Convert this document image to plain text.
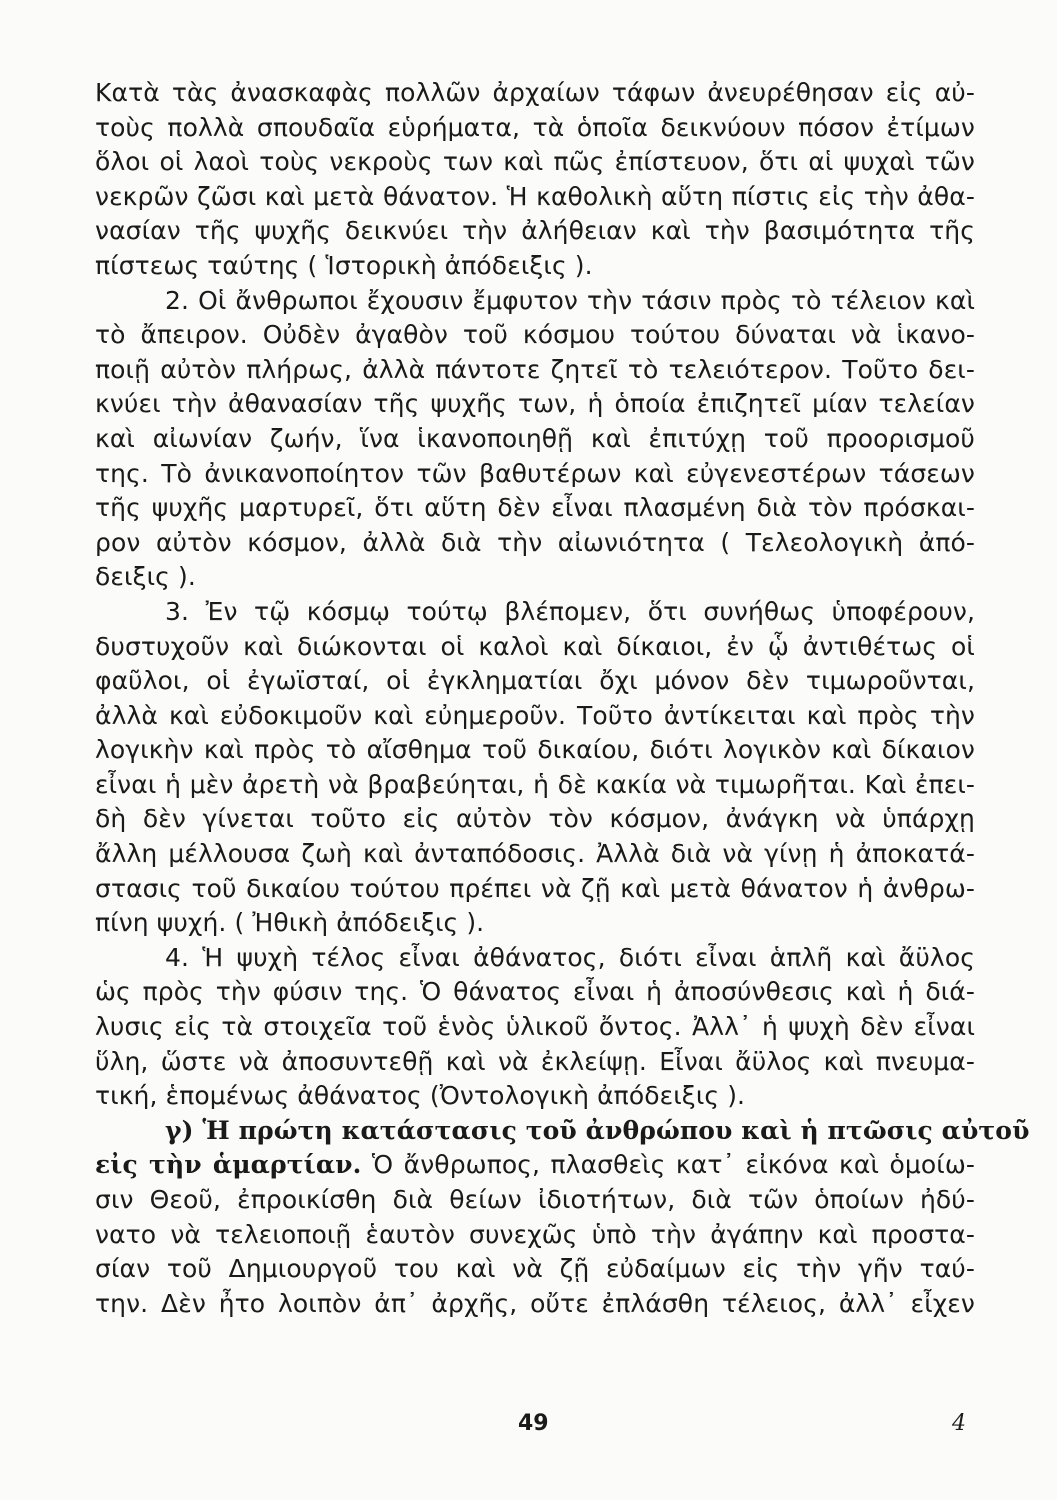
Κατὰ τὰς ἀνασκαφὰς πολλῶν ἀρχαίων τάφων ἀνευρέθησαν εἰς αὐ-
τοὺς πολλὰ σπουδαῖα εὑρήματα, τὰ ὁποῖα δεικνύουν πόσον ἐτίμων
ὅλοι οἱ λαοὶ τοὺς νεκροὺς των καὶ πῶς ἐπίστευον, ὅτι αἱ ψυχαὶ τῶν
νεκρῶν ζῶσι καὶ μετὰ θάνατον. Ἡ καθολικὴ αὕτη πίστις εἰς τὴν ἀθα-
νασίαν τῆς ψυχῆς δεικνύει τὴν ἀλήθειαν καὶ τὴν βασιμότητα τῆς
πίστεως ταύτης ( Ἱστορικὴ ἀπόδειξις ).
2. Οἱ ἄνθρωποι ἔχουσιν ἔμφυτον τὴν τάσιν πρὸς τὸ τέλειον καὶ
τὸ ἄπειρον. Οὐδὲν ἀγαθὸν τοῦ κόσμου τούτου δύναται νὰ ἱκανο-
ποιῇ αὐτὸν πλήρως, ἀλλὰ πάντοτε ζητεῖ τὸ τελειότερον. Τοῦτο δει-
κνύει τὴν ἀθανασίαν τῆς ψυχῆς των, ἡ ὁποία ἐπιζητεῖ μίαν τελείαν
καὶ αἰωνίαν ζωήν, ἵνα ἱκανοποιηθῇ καὶ ἐπιτύχῃ τοῦ προορισμοῦ
της. Τὸ ἀνικανοποίητον τῶν βαθυτέρων καὶ εὐγενεστέρων τάσεων
τῆς ψυχῆς μαρτυρεῖ, ὅτι αὕτη δὲν εἶναι πλασμένη διὰ τὸν πρόσκαι-
ρον αὐτὸν κόσμον, ἀλλὰ διὰ τὴν αἰωνιότητα ( Τελεολογικὴ ἀπό-
δειξις ).
3. Ἐν τῷ κόσμῳ τούτῳ βλέπομεν, ὅτι συνήθως ὑποφέρουν,
δυστυχοῦν καὶ διώκονται οἱ καλοὶ καὶ δίκαιοι, ἐν ᾧ ἀντιθέτως οἱ
φαῦλοι, οἱ ἐγωϊσταί, οἱ ἐγκληματίαι ὄχι μόνον δὲν τιμωροῦνται,
ἀλλὰ καὶ εὐδοκιμοῦν καὶ εὐημεροῦν. Τοῦτο ἀντίκειται καὶ πρὸς τὴν
λογικὴν καὶ πρὸς τὸ αἴσθημα τοῦ δικαίου, διότι λογικὸν καὶ δίκαιον
εἶναι ἡ μὲν ἀρετὴ νὰ βραβεύηται, ἡ δὲ κακία νὰ τιμωρῆται. Καὶ ἐπει-
δὴ δὲν γίνεται τοῦτο εἰς αὐτὸν τὸν κόσμον, ἀνάγκη νὰ ὑπάρχῃ
ἄλλη μέλλουσα ζωὴ καὶ ἀνταπόδοσις. Ἀλλὰ διὰ νὰ γίνῃ ἡ ἀποκατά-
στασις τοῦ δικαίου τούτου πρέπει νὰ ζῇ καὶ μετὰ θάνατον ἡ ἀνθρω-
πίνη ψυχή. ( Ἠθικὴ ἀπόδειξις ).
4. Ἡ ψυχὴ τέλος εἶναι ἀθάνατος, διότι εἶναι ἁπλῆ καὶ ἄϋλος
ὡς πρὸς τὴν φύσιν της. Ὁ θάνατος εἶναι ἡ ἀποσύνθεσις καὶ ἡ διά-
λυσις εἰς τὰ στοιχεῖα τοῦ ἑνὸς ὑλικοῦ ὄντος. Ἀλλ᾽ ἡ ψυχὴ δὲν εἶναι
ὕλη, ὥστε νὰ ἀποσυντεθῇ καὶ νὰ ἐκλείψῃ. Εἶναι ἄϋλος καὶ πνευμα-
τική, ἑπομένως ἀθάνατος (Ὀντολογικὴ ἀπόδειξις ).
γ) Ἡ πρώτη κατάστασις τοῦ ἀνθρώπου καὶ ἡ πτῶσις αὐτοῦ
εἰς τὴν ἁμαρτίαν. Ὁ ἄνθρωπος, πλασθεὶς κατ᾽ εἰκόνα καὶ ὁμοίω-
σιν Θεοῦ, ἐπροικίσθη διὰ θείων ἰδιοτήτων, διὰ τῶν ὁποίων ἠδύ-
νατο νὰ τελειοποιῇ ἑαυτὸν συνεχῶς ὑπὸ τὴν ἀγάπην καὶ προστα-
σίαν τοῦ Δημιουργοῦ του καὶ νὰ ζῇ εὐδαίμων εἰς τὴν γῆν ταύ-
την. Δὲν ἦτο λοιπὸν ἀπ᾽ ἀρχῆς, οὔτε ἐπλάσθη τέλειος, ἀλλ᾽ εἶχεν
49	4
